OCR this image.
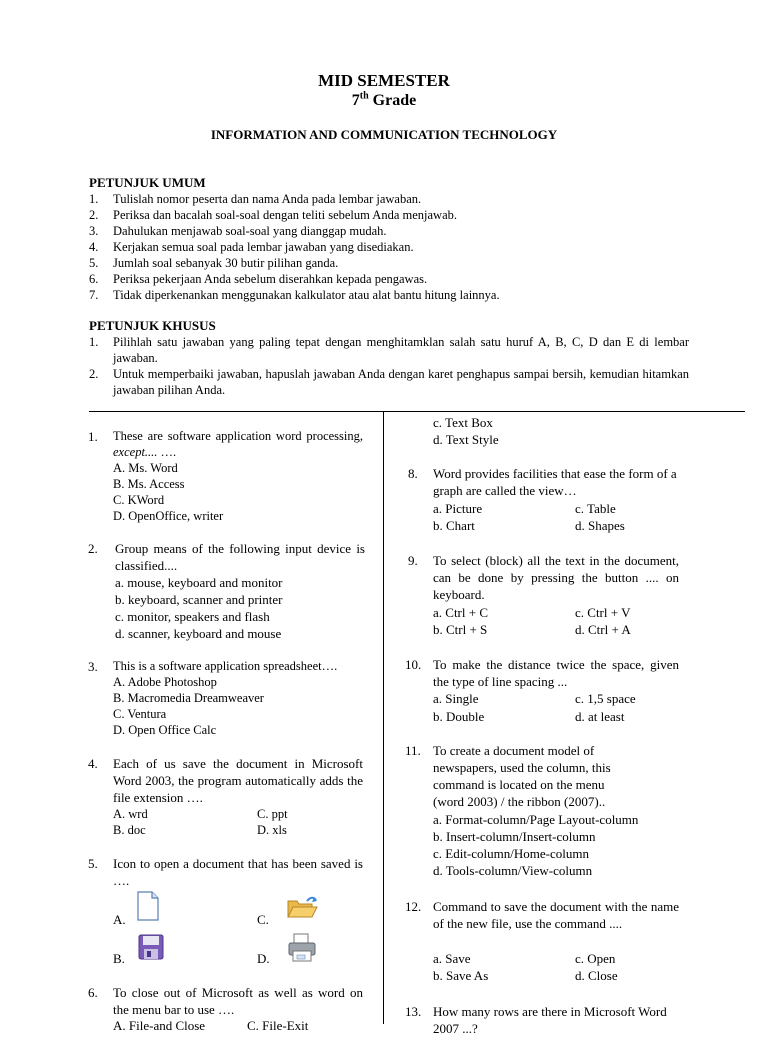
MID SEMESTER
7th Grade
INFORMATION AND COMMUNICATION TECHNOLOGY
PETUNJUK UMUM
1.	Tulislah nomor peserta dan nama Anda pada lembar jawaban.
2.	Periksa dan bacalah soal-soal dengan teliti sebelum Anda menjawab.
3.	Dahulukan menjawab soal-soal yang dianggap mudah.
4.	Kerjakan semua soal pada lembar jawaban yang disediakan.
5.	Jumlah soal sebanyak 30 butir pilihan ganda.
6.	Periksa pekerjaan Anda sebelum diserahkan kepada pengawas.
7.	Tidak diperkenankan menggunakan kalkulator atau alat bantu hitung lainnya.
PETUNJUK KHUSUS
1.	Pilihlah satu jawaban yang paling tepat dengan menghitamklan salah satu huruf A, B, C, D dan E di lembar jawaban.
2.	Untuk memperbaiki jawaban, hapuslah jawaban Anda dengan karet penghapus sampai bersih, kemudian hitamkan jawaban pilihan Anda.
1.	These are software application word processing, except.... ….

A. Ms. Word
B. Ms. Access
C. KWord
D. OpenOffice, writer
2.	Group means of the following input device is classified....

a. mouse, keyboard and monitor
b. keyboard, scanner and printer
c. monitor, speakers and flash
d. scanner, keyboard and mouse
3.	This is a software application spreadsheet….

A. Adobe Photoshop
B. Macromedia Dreamweaver
C. Ventura
D. Open Office Calc
4.	Each of us save the document in Microsoft Word 2003, the program automatically adds the file extension ….

A. wrd	C. ppt
B. doc	D. xls
5.	Icon to open a document that has been saved is ….

A.	C.
B.	D.
6.	To close out of Microsoft as well as word on the menu bar to use ….

A. File-and Close	C. File-Exit
c. Text Box
d. Text Style
8.	Word provides facilities that ease the form of a graph are called the view…

a. Picture	c. Table
b. Chart	d. Shapes
9.	To select (block) all the text in the document, can be done by pressing the button .... on keyboard.

a. Ctrl + C	c. Ctrl + V
b. Ctrl + S	d. Ctrl + A
10. To make the distance twice the space, given the type of line spacing ...

a. Single	c. 1,5 space
b. Double	d. at least
11. To create a document model of newspapers, used the column, this command is located on the menu (word 2003) / the ribbon (2007)..

a. Format-column/Page Layout-column
b. Insert-column/Insert-column
c. Edit-column/Home-column
d. Tools-column/View-column
12. Command to save the document with the name of the new file, use the command ....

a. Save	c. Open
b. Save As	d. Close
13. How many rows are there in Microsoft Word 2007 ...?
